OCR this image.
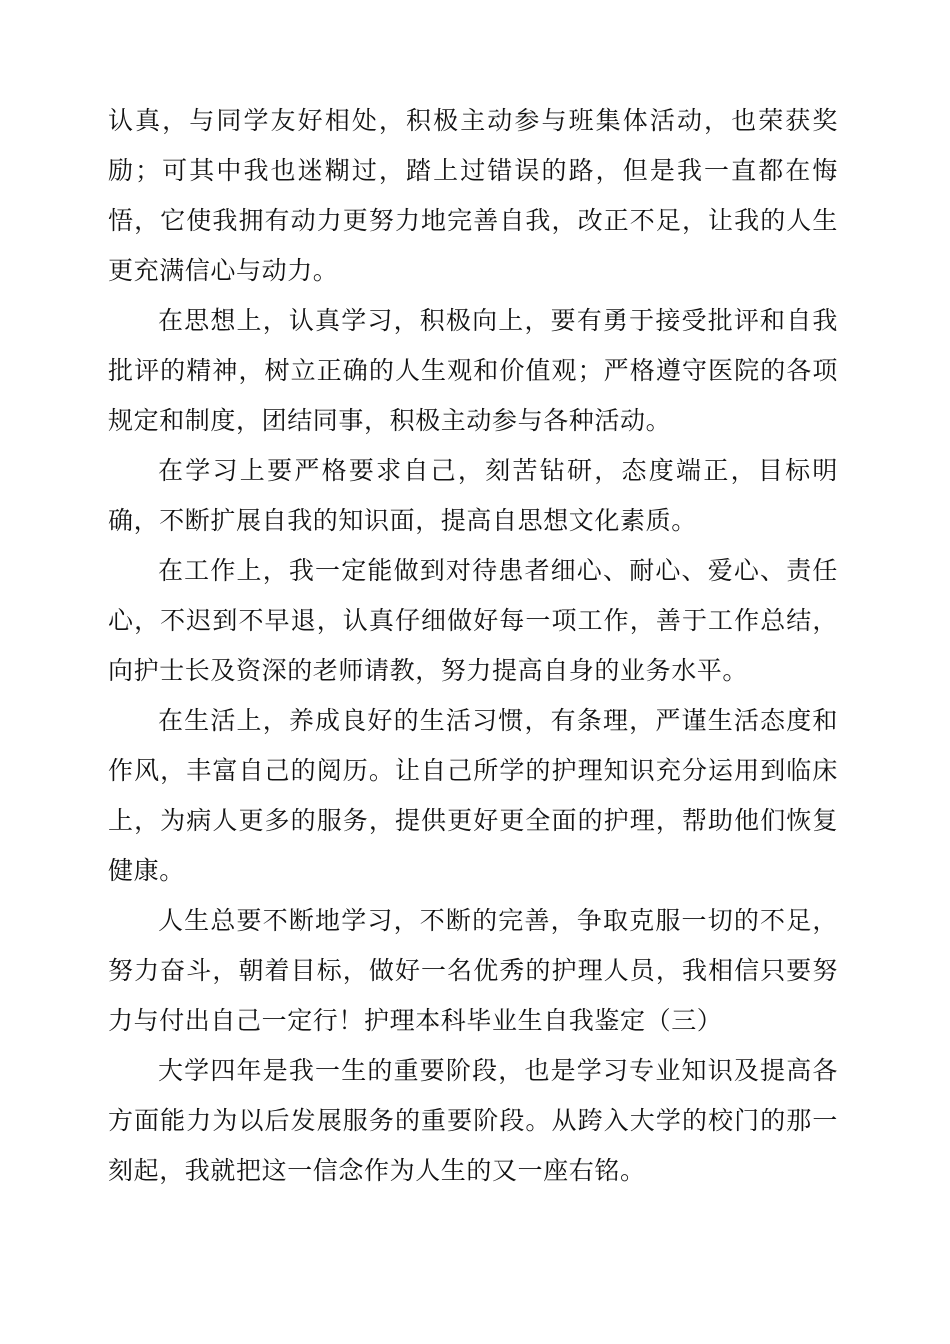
认真，与同学友好相处，积极主动参与班集体活动，也荣获奖励；可其中我也迷糊过，踏上过错误的路，但是我一直都在悔悟，它使我拥有动力更努力地完善自我，改正不足，让我的人生更充满信心与动力。

在思想上，认真学习，积极向上，要有勇于接受批评和自我批评的精神，树立正确的人生观和价值观；严格遵守医院的各项规定和制度，团结同事，积极主动参与各种活动。

在学习上要严格要求自己，刻苦钻研，态度端正，目标明确，不断扩展自我的知识面，提高自思想文化素质。

在工作上，我一定能做到对待患者细心、耐心、爱心、责任心，不迟到不早退，认真仔细做好每一项工作，善于工作总结，向护士长及资深的老师请教，努力提高自身的业务水平。

在生活上，养成良好的生活习惯，有条理，严谨生活态度和作风，丰富自己的阅历。让自己所学的护理知识充分运用到临床上，为病人更多的服务，提供更好更全面的护理，帮助他们恢复健康。

人生总要不断地学习，不断的完善，争取克服一切的不足，努力奋斗，朝着目标，做好一名优秀的护理人员，我相信只要努力与付出自己一定行！护理本科毕业生自我鉴定（三）

大学四年是我一生的重要阶段，也是学习专业知识及提高各方面能力为以后发展服务的重要阶段。从跨入大学的校门的那一刻起，我就把这一信念作为人生的又一座右铭。
